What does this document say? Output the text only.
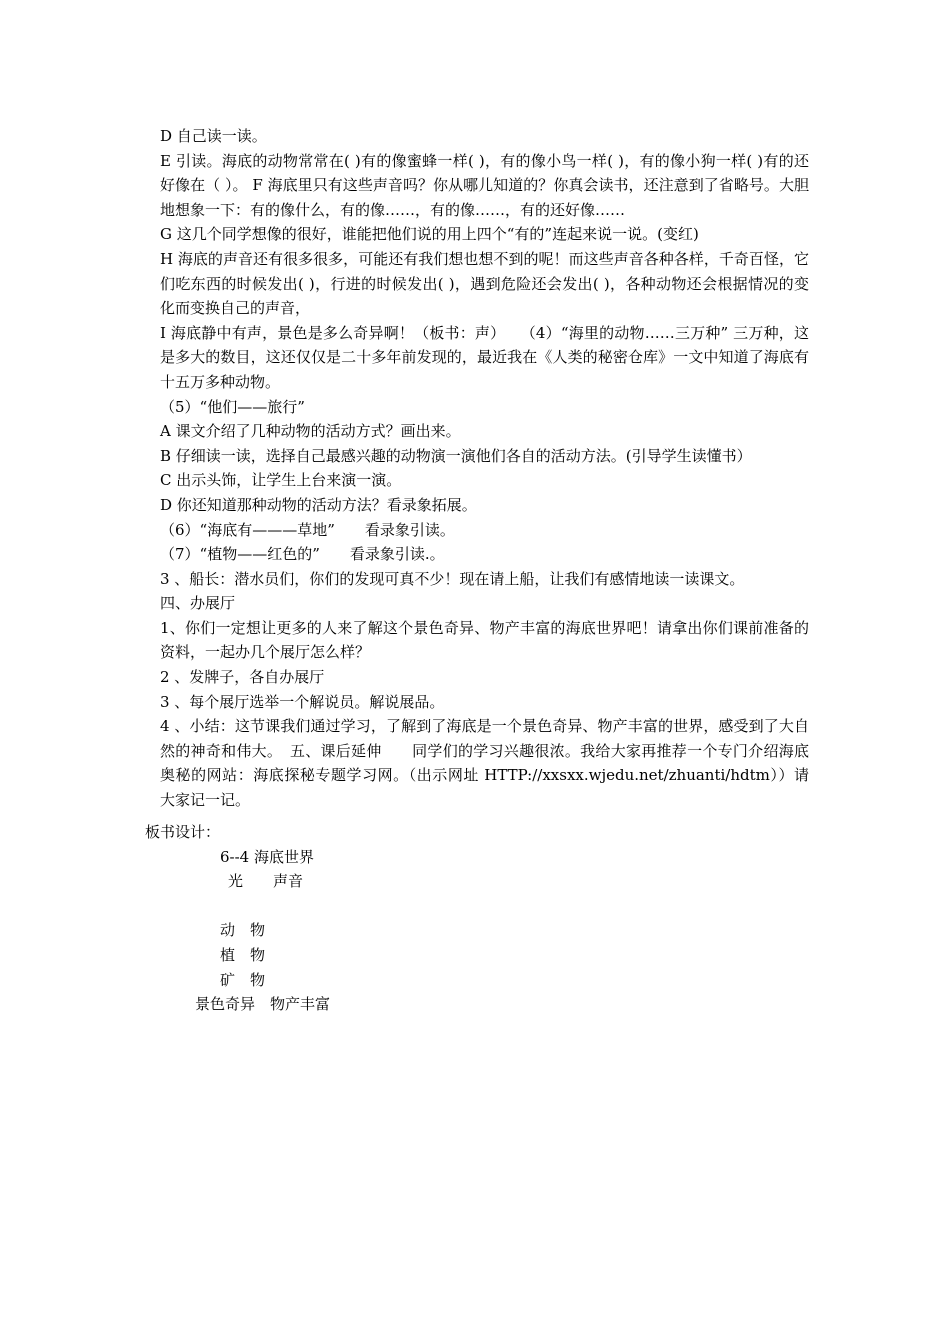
D 自己读一读。

E 引读。海底的动物常常在( )有的像蜜蜂一样( )，有的像小鸟一样( )，有的像小狗一样( )有的还好像在（ ）。 F 海底里只有这些声音吗？你从哪儿知道的？你真会读书，还注意到了省略号。大胆地想象一下：有的像什么，有的像……，有的像……，有的还好像……

G 这几个同学想像的很好，谁能把他们说的用上四个“有的”连起来说一说。(变红)

H 海底的声音还有很多很多，可能还有我们想也想不到的呢！而这些声音各种各样，千奇百怪，它们吃东西的时候发出( )，行进的时候发出( )，遇到危险还会发出( )，各种动物还会根据情况的变化而变换自己的声音，

I 海底静中有声，景色是多么奇异啊！（板书：声）　　（4）“海里的动物……三万种” 三万种，这是多大的数目，这还仅仅是二十多年前发现的，最近我在《人类的秘密仓库》一文中知道了海底有十五万多种动物。

（5）“他们——旅行”

A 课文介绍了几种动物的活动方式？画出来。

B 仔细读一读，选择自己最感兴趣的动物演一演他们各自的活动方法。(引导学生读懂书）

C 出示头饰，让学生上台来演一演。

D 你还知道那种动物的活动方法？看录象拓展。

（6）“海底有———草地”　　看录象引读。

（7）“植物——红色的”　　看录象引读.。

3 、船长：潜水员们，你们的发现可真不少！现在请上船，让我们有感情地读一读课文。

四、办展厅

1、你们一定想让更多的人来了解这个景色奇异、物产丰富的海底世界吧！请拿出你们课前准备的资料，一起办几个展厅怎么样？

2 、发牌子，各自办展厅

3 、每个展厅选举一个解说员。解说展品。

4 、小结：这节课我们通过学习，了解到了海底是一个景色奇异、物产丰富的世界，感受到了大自然的神奇和伟大。　五、课后延伸　　同学们的学习兴趣很浓。我给大家再推荐一个专门介绍海底奥秘的网站：海底探秘专题学习网。（出示网址 HTTP://xxsxx.wjedu.net/zhuanti/hdtm））请大家记一记。

板书设计：
6--4 海底世界
光　　声音
动　物
植　物
矿　物
景色奇异　物产丰富
